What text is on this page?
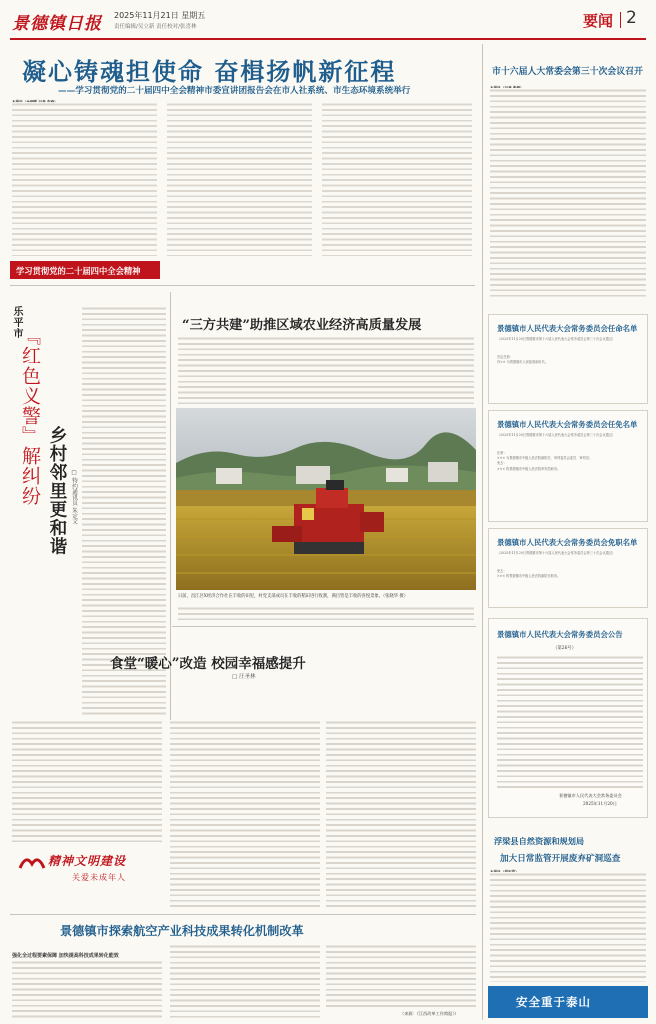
景德镇日报 2025年11月21日 星期五
责任编辑/吴立新 责任校对/张喜林	要闻 2
凝心铸魂担使命 奋楫扬帆新征程
——学习贯彻党的二十届四中全会精神市委宣讲团报告会在市人社系统、市生态环境系统举行
学习贯彻党的二十届四中全会精神
乐平市
『红色义警』解纠纷 乡村邻里更和谐 □ 特约通讯员 朱定文
“三方共建”助推区域农业经济高质量发展
日前，昌江区X经济合作社在丰收的田里，村党支部成员在丰收的稻田进行收割，满目皆是丰收的喜悦景象。（张晓华 摄）
食堂“暖心”改造 校园幸福感提升
□ 汪圣林
精神文明建设
关爱未成年人
景德镇市探索航空产业科技成果转化机制改革
强化全过程要素保障 加快提高科技成果转化能效
（来源：《江西改革工作简报》）
市十六届人大常委会第三十次会议召开
景德镇市人民代表大会常务委员会任命名单
（2025年11月20日景德镇市第十六届人民代表大会常务委员会第三十次会议通过）
决定任命：
肖×× 为景德镇市人民政府副市长。
景德镇市人民代表大会常务委员会任免名单
（2025年11月20日景德镇市第十六届人民代表大会常务委员会第三十次会议通过）
任命：
××× 为景德镇市中级人民法院副院长、审判委员会委员、审判员；
免去：
××× 的景德镇市中级人民法院审判员职务。
景德镇市人民代表大会常务委员会免职名单
（2025年11月20日景德镇市第十六届人民代表大会常务委员会第三十次会议通过）
免去：
××× 的景德镇市中级人民法院副院长职务。
景德镇市人民代表大会常务委员会公告
（第26号）
景德镇市人民代表大会常务委员会
2025年11月20日
浮梁县自然资源和规划局
加大日常监管开展废弃矿洞巡查
安全重于泰山
